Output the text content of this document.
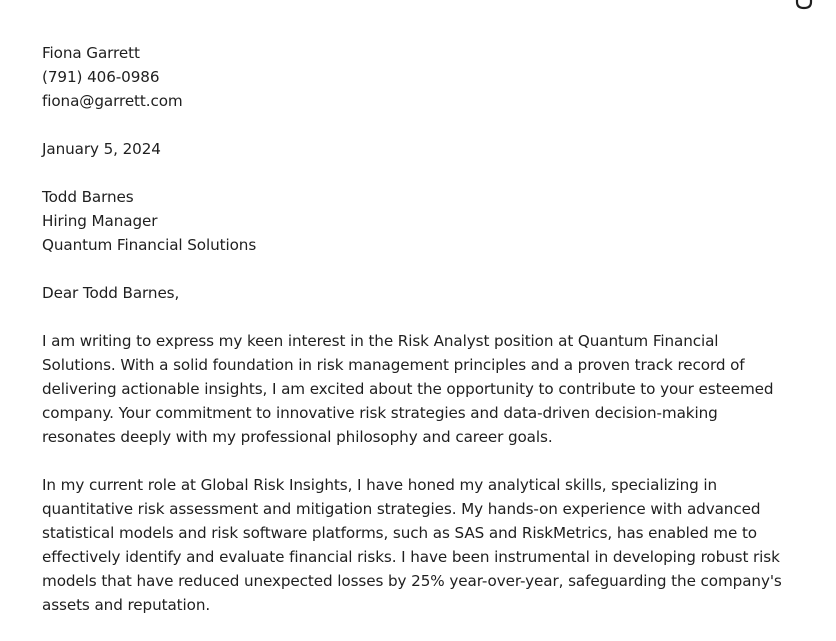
Fiona Garrett

(791) 406-0986

fiona@garrett.com

January 5, 2024

Todd Barnes

Hiring Manager

Quantum Financial Solutions

Dear Todd Barnes,

I am writing to express my keen interest in the Risk Analyst position at Quantum Financial Solutions. With a solid foundation in risk management principles and a proven track record of delivering actionable insights, I am excited about the opportunity to contribute to your esteemed company. Your commitment to innovative risk strategies and data-driven decision-making resonates deeply with my professional philosophy and career goals.

In my current role at Global Risk Insights, I have honed my analytical skills, specializing in quantitative risk assessment and mitigation strategies. My hands-on experience with advanced statistical models and risk software platforms, such as SAS and RiskMetrics, has enabled me to effectively identify and evaluate financial risks. I have been instrumental in developing robust risk models that have reduced unexpected losses by 25% year-over-year, safeguarding the company's assets and reputation.
